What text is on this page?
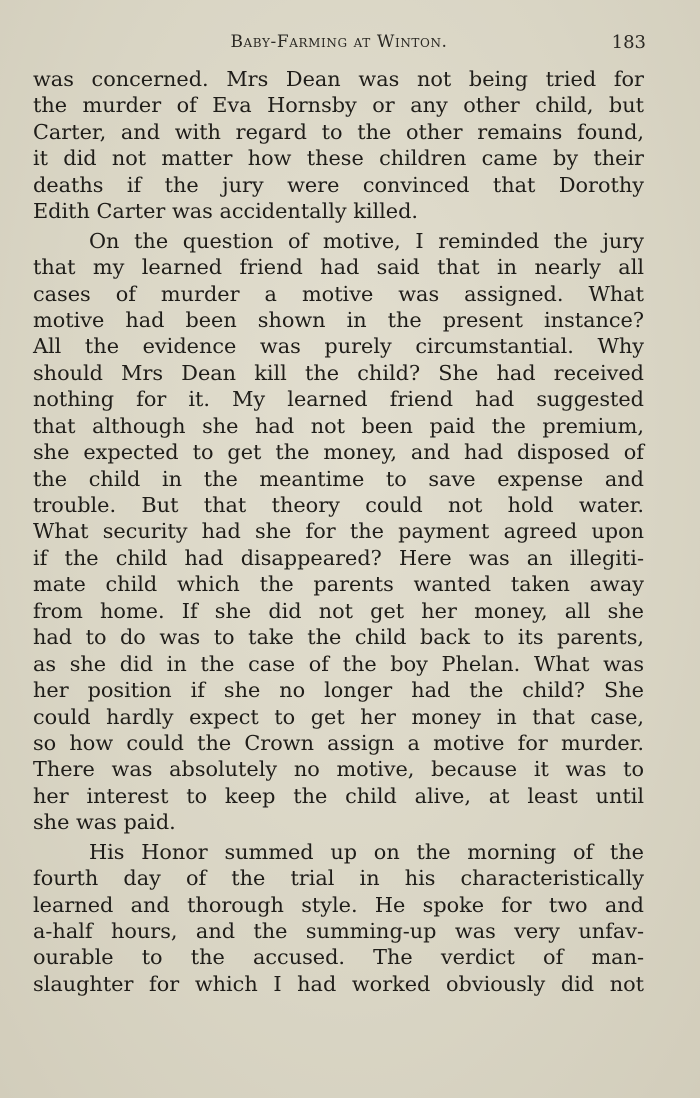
Baby-Farming at Winton.	183
was concerned. Mrs Dean was not being tried for
the murder of Eva Hornsby or any other child, but
Carter, and with regard to the other remains found,
it did not matter how these children came by their
deaths if the jury were convinced that Dorothy
Edith Carter was accidentally killed.
On the question of motive, I reminded the jury
that my learned friend had said that in nearly all
cases of murder a motive was assigned. What
motive had been shown in the present instance?
All the evidence was purely circumstantial. Why
should Mrs Dean kill the child? She had received
nothing for it. My learned friend had suggested
that although she had not been paid the premium,
she expected to get the money, and had disposed of
the child in the meantime to save expense and
trouble. But that theory could not hold water.
What security had she for the payment agreed upon
if the child had disappeared? Here was an illegiti-
mate child which the parents wanted taken away
from home. If she did not get her money, all she
had to do was to take the child back to its parents,
as she did in the case of the boy Phelan. What was
her position if she no longer had the child? She
could hardly expect to get her money in that case,
so how could the Crown assign a motive for murder.
There was absolutely no motive, because it was to
her interest to keep the child alive, at least until
she was paid.
His Honor summed up on the morning of the
fourth day of the trial in his characteristically
learned and thorough style. He spoke for two and
a-half hours, and the summing-up was very unfav-
ourable to the accused. The verdict of man-
slaughter for which I had worked obviously did not
